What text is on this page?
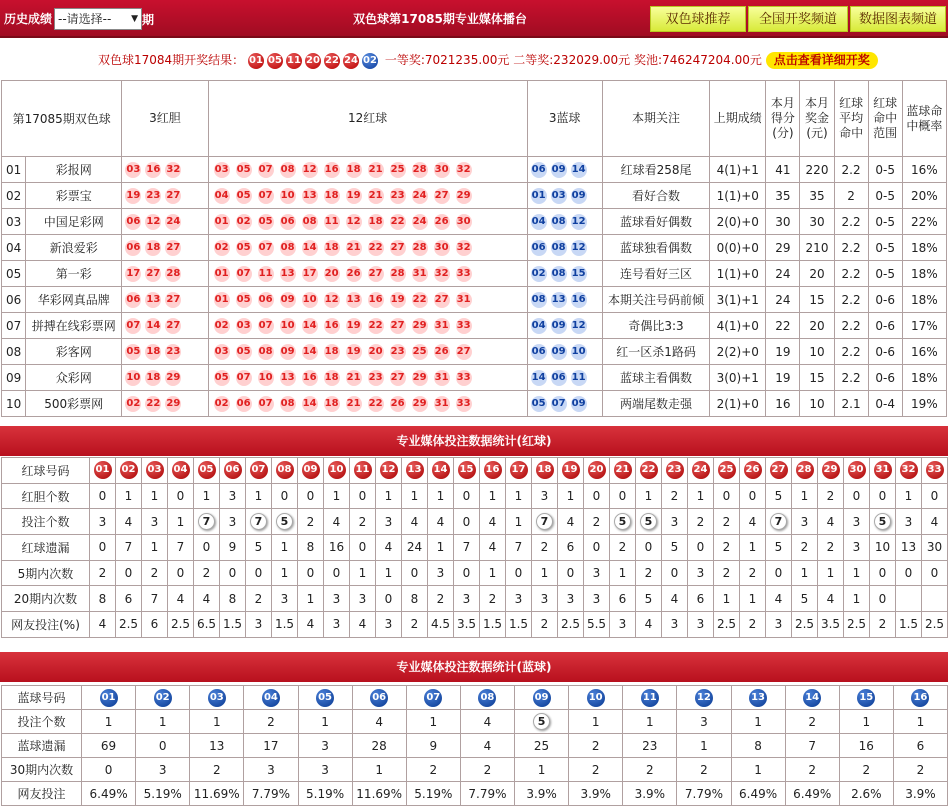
历史成绩 --请选择-- ▼ 期	双色球第17085期专业媒体播台	双色球推荐	全国开奖频道	数据图表频道
双色球17084期开奖结果： 01 05 11 20 22 24 02 一等奖:7021235.00元 二等奖:232029.00元 奖池:746247204.00元 点击查看详细开奖
第17085期双色球		3红胆	12红球	3蓝球	本期关注	上期成绩	本月得分(分)	本月奖金(元)	红球平均命中	红球命中范围	蓝球命中概率
01	彩报网	03 16 32	03 05 07 08 12 16 18 21 25 28 30 32	06 09 14	红球看258尾	4(1)+1	41	220	2.2	0-5	16%
02	彩票宝	19 23 27	04 05 07 10 13 18 19 21 23 24 27 29	01 03 09	看好合数	1(1)+0	35	35	2	0-5	20%
03	中国足彩网	06 12 24	01 02 05 06 08 11 12 18 22 24 26 30	04 08 12	蓝球看好偶数	2(0)+0	30	30	2.2	0-5	22%
04	新浪爱彩	06 18 27	02 05 07 08 14 18 21 22 27 28 30 32	06 08 12	蓝球独看偶数	0(0)+0	29	210	2.2	0-5	18%
05	第一彩	17 27 28	01 07 11 13 17 20 26 27 28 31 32 33	02 08 15	连号看好三区	1(1)+0	24	20	2.2	0-5	18%
06	华彩网真品牌	06 13 27	01 05 06 09 10 12 13 16 19 22 27 31	08 13 16	本期关注号码前倾	3(1)+1	24	15	2.2	0-6	18%
07	拼搏在线彩票网	07 14 27	02 03 07 10 14 16 19 22 27 29 31 33	04 09 12	奇偶比3:3	4(1)+0	22	20	2.2	0-6	17%
08	彩客网	05 18 23	03 05 08 09 14 18 19 20 23 25 26 27	06 09 10	红一区杀1路码	2(2)+0	19	10	2.2	0-6	16%
09	众彩网	10 18 29	05 07 10 13 16 18 21 23 27 29 31 33	14 06 11	蓝球主看偶数	3(0)+1	19	15	2.2	0-6	18%
10	500彩票网	02 22 29	02 06 07 08 14 18 21 22 26 29 31 33	05 07 09	两端尾数走强	2(1)+0	16	10	2.1	0-4	19%
专业媒体投注数据统计(红球)
红球号码	01	02	03	04	05	06	07	08	09	10	11	12	13	14	15	16	17	18	19	20	21	22	23	24	25	26	27	28	29	30	31	32	33
红胆个数	0	1	1	0	1	3	1	0	0	1	0	1	1	1	0	1	1	3	1	0	0	1	2	1	0	0	5	1	2	0	0	1	0
投注个数	3	4	3	1	7	3	7	5	2	4	2	3	4	4	0	4	1	7	4	2	5	5	3	2	2	4	7	3	4	3	5	3	4
红球遗漏	0	7	1	7	0	9	5	1	8	16	0	4	24	1	7	4	7	2	6	0	2	0	5	0	2	1	5	2	2	3	10	13	30
5期内次数	2	0	2	0	2	0	0	1	0	0	1	1	0	3	0	1	0	1	0	3	1	2	0	3	2	2	0	1	1	1	0	0	0
20期内次数	8	6	7	4	4	8	2	3	1	3	3	0	8	2	3	2	3	3	3	3	6	5	4	6	1	1	4	5	4	1	0		
网友投注(%)	4	2.5	6	2.5	6.5	1.5	3	1.5	4	3	4	3	2	4.5	3.5	1.5	1.5	2	2.5	5.5	3	4	3	3	2.5	2	3	2.5	3.5	2.5	2	1.5	2.5
专业媒体投注数据统计(蓝球)
蓝球号码	01	02	03	04	05	06	07	08	09	10	11	12	13	14	15	16
投注个数	1	1	1	2	1	4	1	4	5	1	1	3	1	2	1	1
蓝球遗漏	69	0	13	17	3	28	9	4	25	2	23	1	8	7	16	6
30期内次数	0	3	2	3	3	1	2	2	1	2	2	2	1	2	2	2
网友投注	6.49%	5.19%	11.69%	7.79%	5.19%	11.69%	5.19%	7.79%	3.9%	3.9%	3.9%	7.79%	6.49%	6.49%	2.6%	3.9%
